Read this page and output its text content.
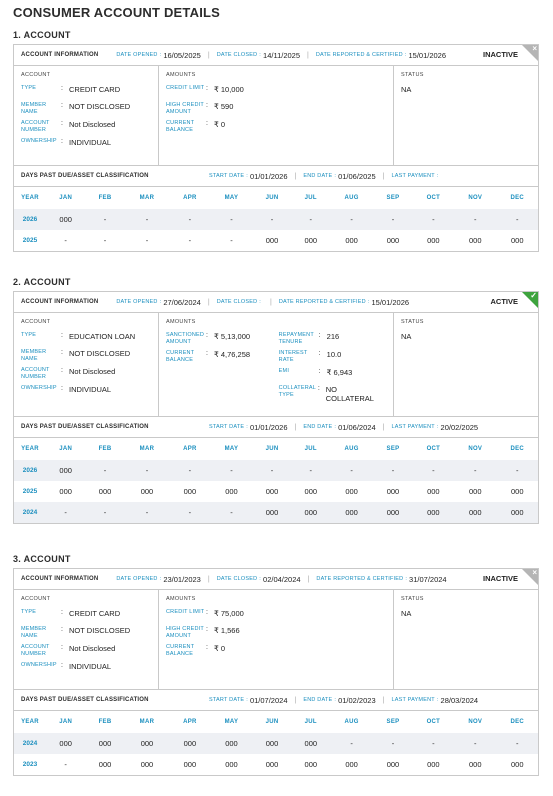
CONSUMER ACCOUNT DETAILS
1. ACCOUNT
ACCOUNT INFORMATION	DATE OPENED : 16/05/2025 | DATE CLOSED : 14/11/2025 | DATE REPORTED & CERTIFIED : 15/01/2026	INACTIVE
×
ACCOUNT
TYPE	: CREDIT CARD
MEMBER NAME
: NOT DISCLOSED
ACCOUNT NUMBER
: Not Disclosed
OWNERSHIP : INDIVIDUAL
AMOUNTS
CREDIT LIMIT : ₹ 10,000
HIGH CREDIT AMOUNT
: ₹ 590
CURRENT BALANCE
: ₹ 0
STATUS
NA
DAYS PAST DUE/ASSET CLASSIFICATION	START DATE : 01/01/2026 | END DATE : 01/06/2025 | LAST PAYMENT :
YEAR	JAN	FEB	MAR	APR	MAY	JUN	JUL	AUG	SEP	OCT	NOV	DEC
2026	000	-	-	-	-	-	-	-	-	-	-	-
2025	-	-	-	-	-	000	000	000	000	000	000	000
2. ACCOUNT
ACCOUNT INFORMATION	DATE OPENED : 27/06/2024 | DATE CLOSED : | DATE REPORTED & CERTIFIED : 15/01/2026	ACTIVE
✓
ACCOUNT
TYPE	: EDUCATION LOAN
MEMBER NAME
: NOT DISCLOSED
ACCOUNT NUMBER
: Not Disclosed
OWNERSHIP : INDIVIDUAL
AMOUNTS
SANCTIONED AMOUNT
: ₹ 5,13,000
CURRENT BALANCE
: ₹ 4,76,258
REPAYMENT TENURE
: 216
INTEREST RATE
: 10.0
EMI	: ₹ 6,943
COLLATERAL TYPE
: NO COLLATERAL
STATUS
NA
DAYS PAST DUE/ASSET CLASSIFICATION	START DATE : 01/01/2026 | END DATE : 01/06/2024 | LAST PAYMENT : 20/02/2025
YEAR	JAN	FEB	MAR	APR	MAY	JUN	JUL	AUG	SEP	OCT	NOV	DEC
2026	000	-	-	-	-	-	-	-	-	-	-	-
2025	000	000	000	000	000	000	000	000	000	000	000	000
2024	-	-	-	-	-	000	000	000	000	000	000	000
3. ACCOUNT
ACCOUNT INFORMATION	DATE OPENED : 23/01/2023 | DATE CLOSED : 02/04/2024 | DATE REPORTED & CERTIFIED : 31/07/2024	INACTIVE
×
ACCOUNT
TYPE	: CREDIT CARD
MEMBER NAME
: NOT DISCLOSED
ACCOUNT NUMBER
: Not Disclosed
OWNERSHIP : INDIVIDUAL
AMOUNTS
CREDIT LIMIT : ₹ 75,000
HIGH CREDIT AMOUNT
: ₹ 1,566
CURRENT BALANCE
: ₹ 0
STATUS
NA
DAYS PAST DUE/ASSET CLASSIFICATION	START DATE : 01/07/2024 | END DATE : 01/02/2023 | LAST PAYMENT : 28/03/2024
YEAR	JAN	FEB	MAR	APR	MAY	JUN	JUL	AUG	SEP	OCT	NOV	DEC
2024	000	000	000	000	000	000	000	-	-	-	-	-
2023	-	000	000	000	000	000	000	000	000	000	000	000
